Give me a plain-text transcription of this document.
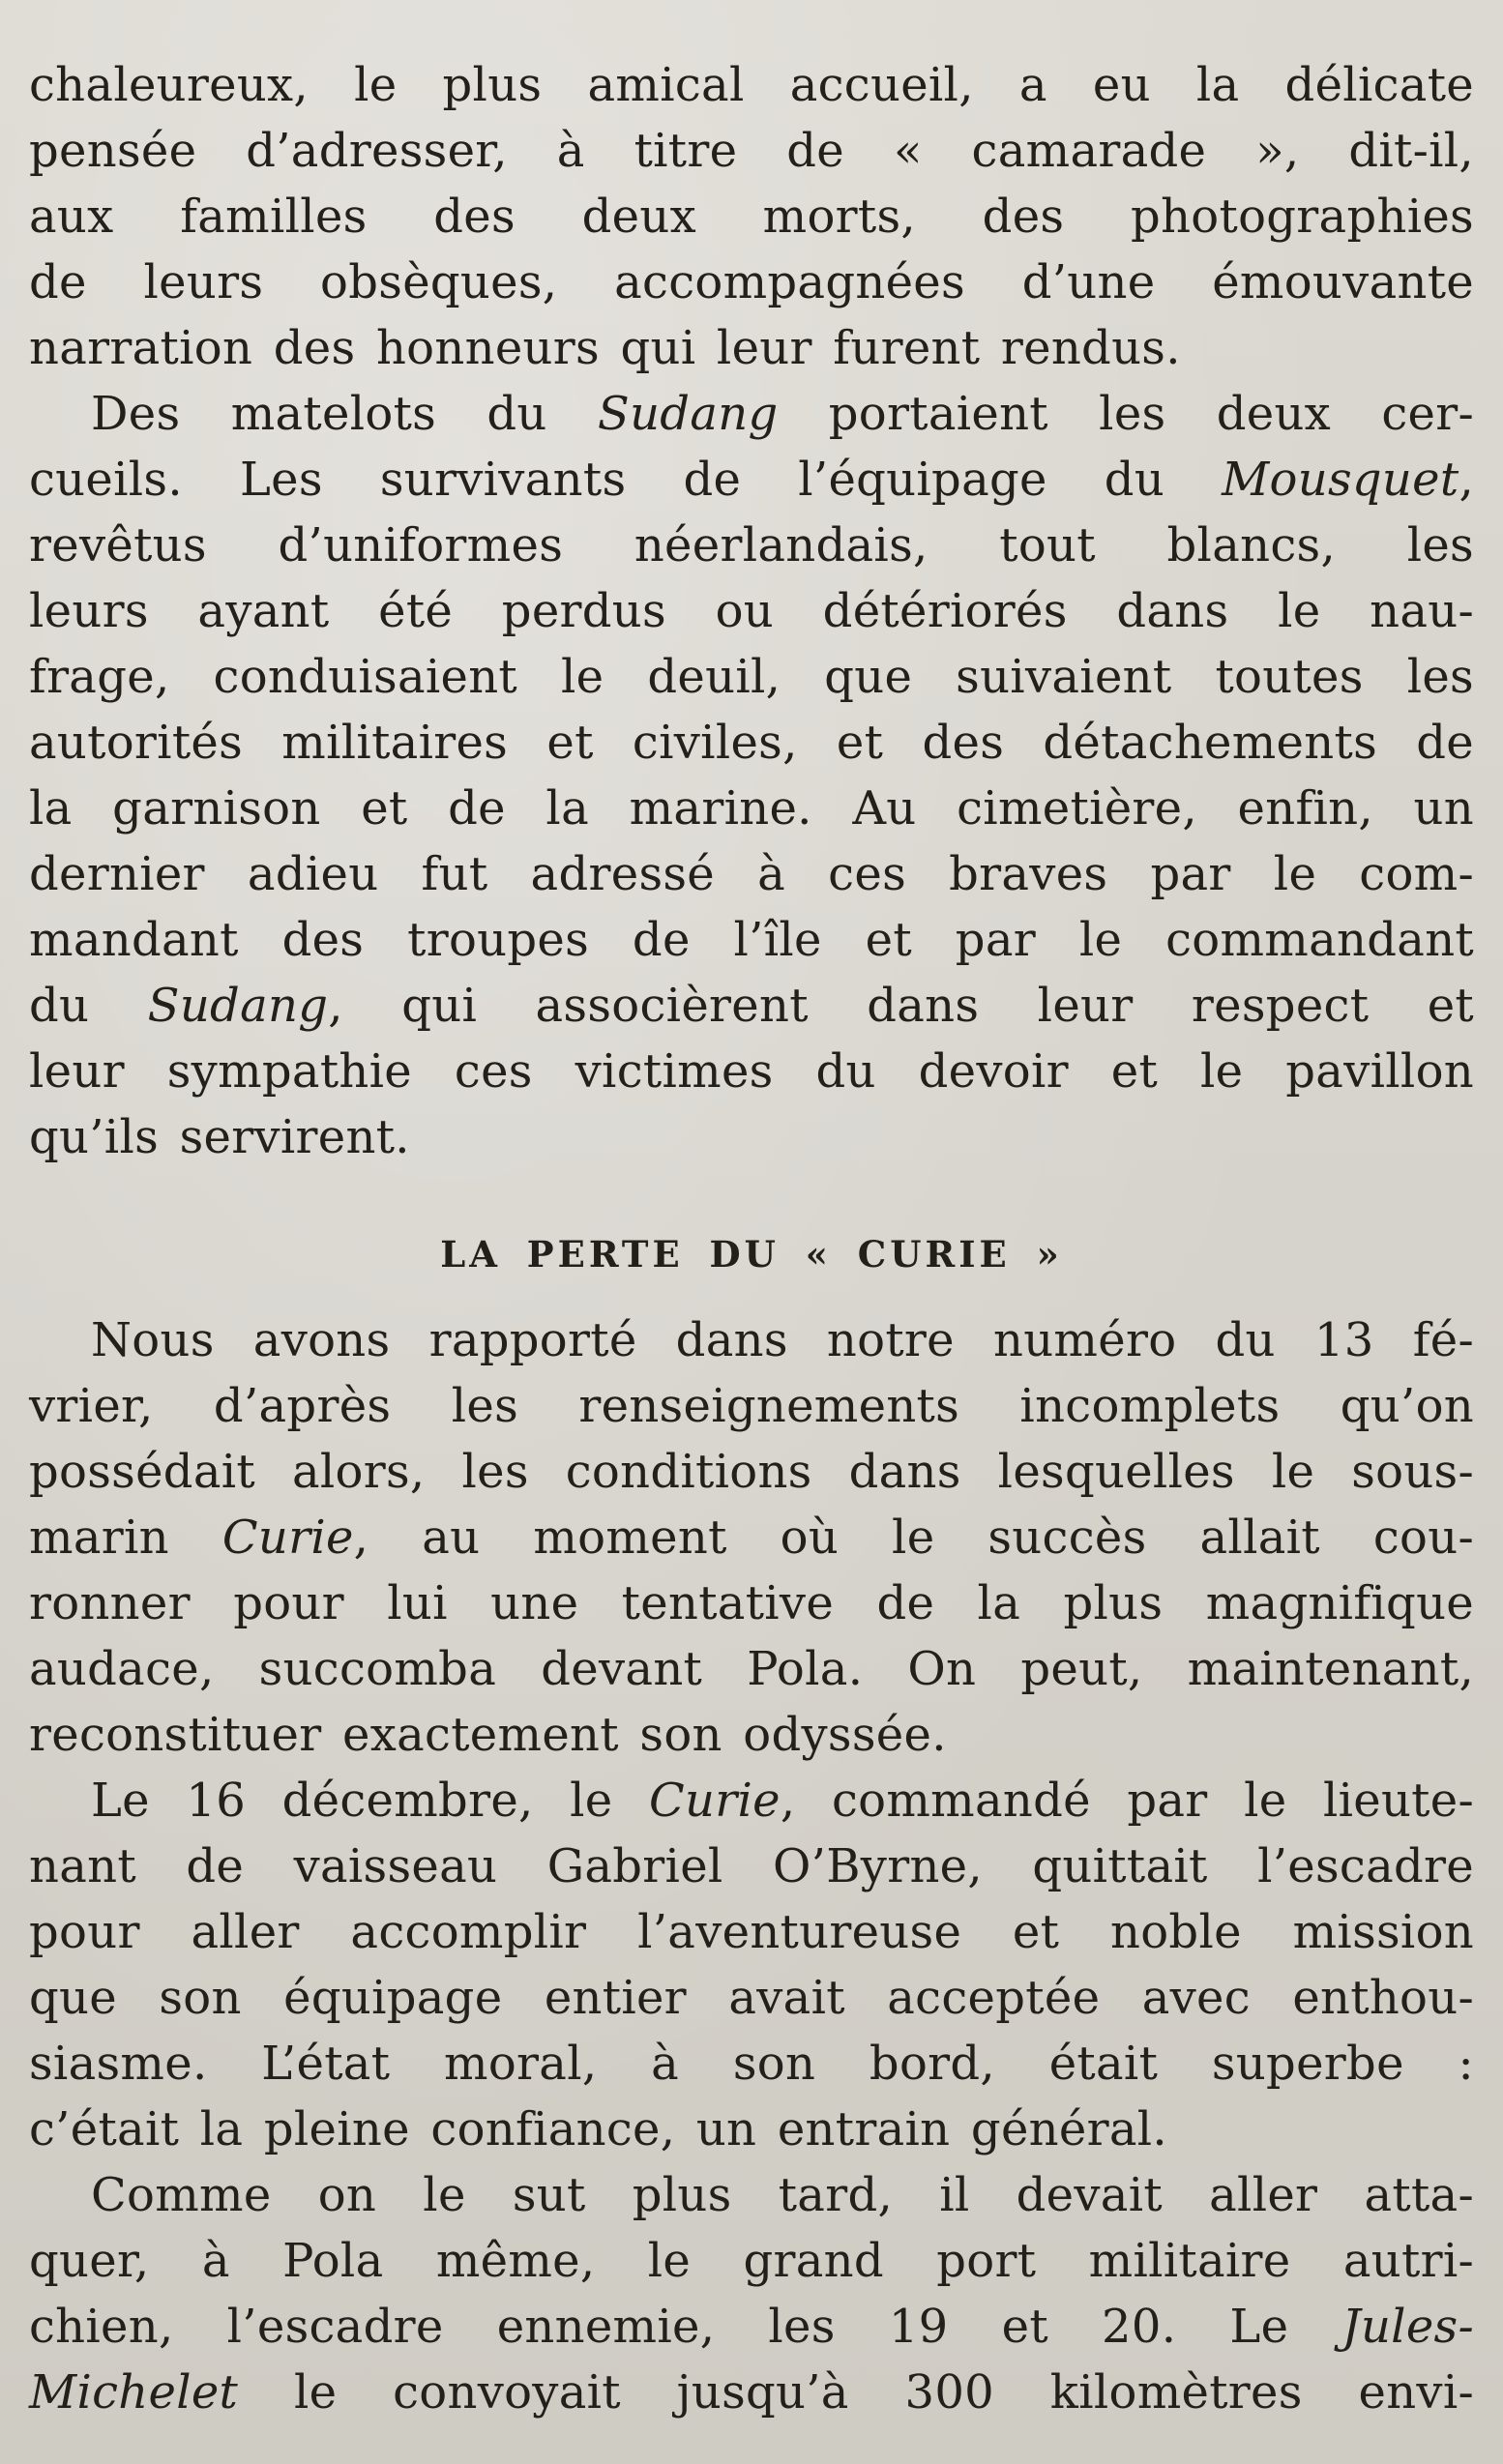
chaleureux, le plus amical accueil, a eu la délicate
pensée d’adresser, à titre de « camarade », dit-il,
aux familles des deux morts, des photographies
de leurs obsèques, accompagnées d’une émouvante
narration des honneurs qui leur furent rendus.

Des matelots du Sudang portaient les deux cer-
cueils. Les survivants de l’équipage du Mousquet,
revêtus d’uniformes néerlandais, tout blancs, les
leurs ayant été perdus ou détériorés dans le nau-
frage, conduisaient le deuil, que suivaient toutes les
autorités militaires et civiles, et des détachements de
la garnison et de la marine. Au cimetière, enfin, un
dernier adieu fut adressé à ces braves par le com-
mandant des troupes de l’île et par le commandant
du Sudang, qui associèrent dans leur respect et
leur sympathie ces victimes du devoir et le pavillon
qu’ils servirent.

LA PERTE DU « CURIE »

Nous avons rapporté dans notre numéro du 13 fé-
vrier, d’après les renseignements incomplets qu’on
possédait alors, les conditions dans lesquelles le sous-
marin Curie, au moment où le succès allait cou-
ronner pour lui une tentative de la plus magnifique
audace, succomba devant Pola. On peut, maintenant,
reconstituer exactement son odyssée.

Le 16 décembre, le Curie, commandé par le lieute-
nant de vaisseau Gabriel O’Byrne, quittait l’escadre
pour aller accomplir l’aventureuse et noble mission
que son équipage entier avait acceptée avec enthou-
siasme. L’état moral, à son bord, était superbe :
c’était la pleine confiance, un entrain général.

Comme on le sut plus tard, il devait aller atta-
quer, à Pola même, le grand port militaire autri-
chien, l’escadre ennemie, les 19 et 20. Le Jules-
Michelet le convoyait jusqu’à 300 kilomètres envi-
